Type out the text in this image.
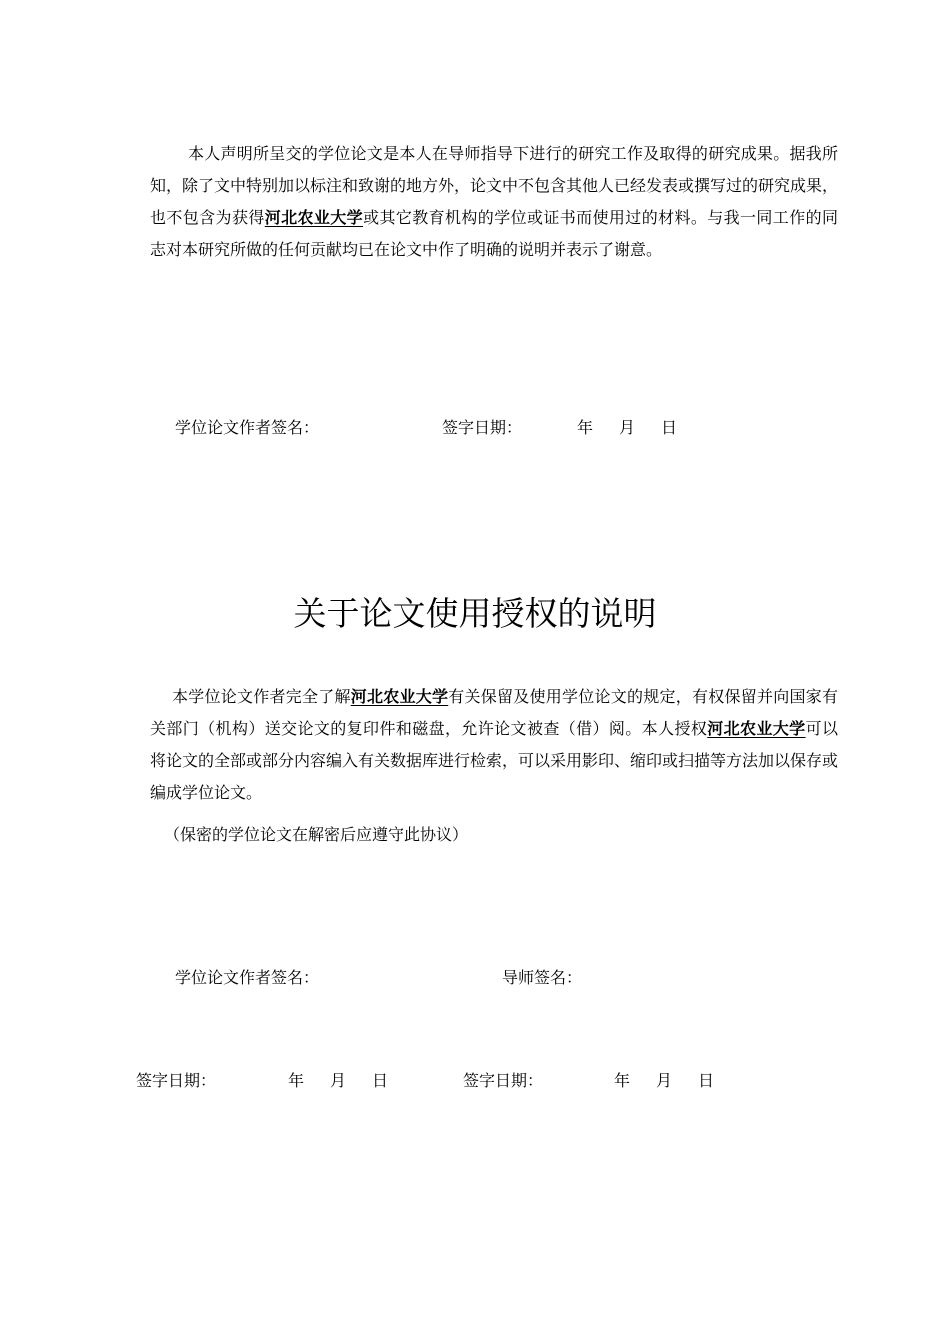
本人声明所呈交的学位论文是本人在导师指导下进行的研究工作及取得的研究成果。据我所知，除了文中特别加以标注和致谢的地方外，论文中不包含其他人已经发表或撰写过的研究成果，也不包含为获得河北农业大学或其它教育机构的学位或证书而使用过的材料。与我一同工作的同志对本研究所做的任何贡献均已在论文中作了明确的说明并表示了谢意。

学位论文作者签名：	签字日期：	年 月 日
关于论文使用授权的说明

本学位论文作者完全了解河北农业大学有关保留及使用学位论文的规定，有权保留并向国家有关部门（机构）送交论文的复印件和磁盘，允许论文被查（借）阅。本人授权河北农业大学可以将论文的全部或部分内容编入有关数据库进行检索，可以采用影印、缩印或扫描等方法加以保存或编成学位论文。

（保密的学位论文在解密后应遵守此协议）
学位论文作者签名：	导师签名：
签字日期：	年 月 日	签字日期：	年 月 日
